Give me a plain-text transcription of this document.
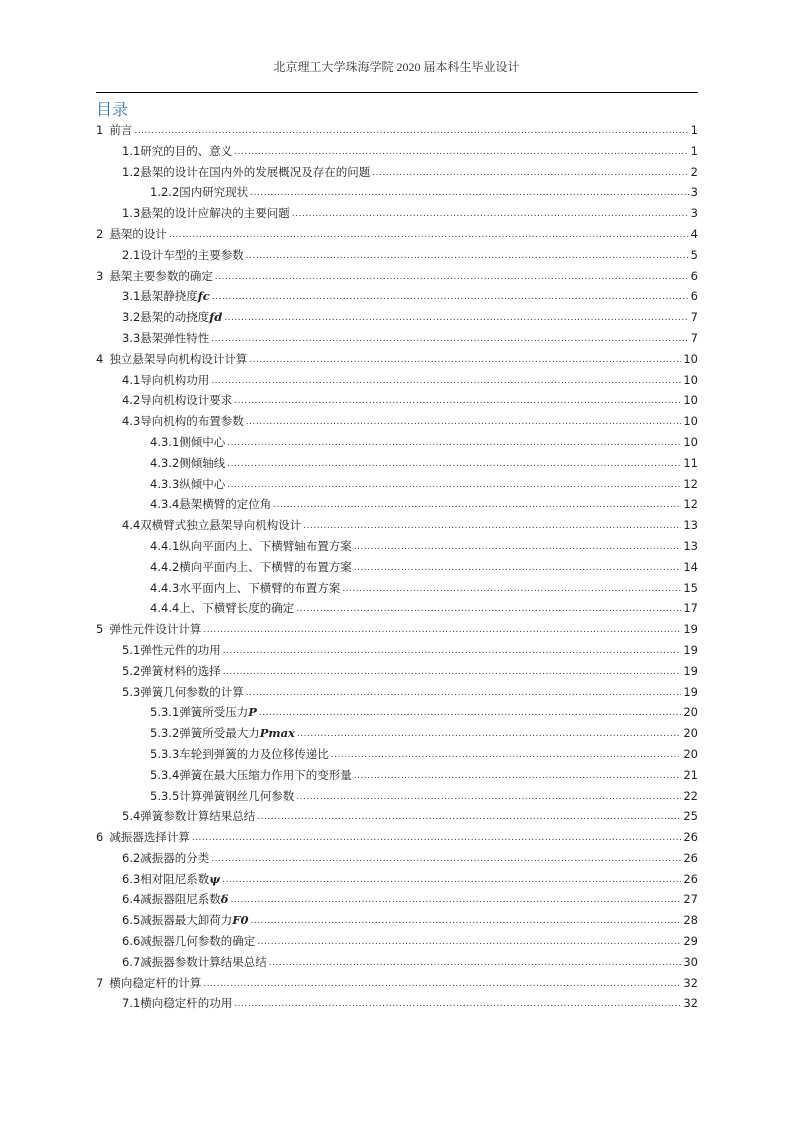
北京理工大学珠海学院 2020 届本科生毕业设计
目录
1 前言 .....	1
1.1 研究的目的、意义 .....	1
1.2 悬架的设计在国内外的发展概况及存在的问题 .....	2
1.2.2 国内研究现状 .....	3
1.3 悬架的设计应解决的主要问题 .....	3
2 悬架的设计 .....	4
2.1 设计车型的主要参数 .....	5
3 悬架主要参数的确定 .....	6
3.1 悬架静挠度 fc .....	6
3.2 悬架的动挠度 fd .....	7
3.3 悬架弹性特性 .....	7
4 独立悬架导向机构设计计算 .....	10
4.1 导向机构功用 .....	10
4.2 导向机构设计要求 .....	10
4.3 导向机构的布置参数 .....	10
4.3.1 侧倾中心 .....	10
4.3.2 侧倾轴线 .....	11
4.3.3 纵倾中心 .....	12
4.3.4 悬架横臂的定位角 .....	12
4.4 双横臂式独立悬架导向机构设计 .....	13
4.4.1 纵向平面内上、下横臂轴布置方案 .....	13
4.4.2 横向平面内上、下横臂的布置方案 .....	14
4.4.3 水平面内上、下横臂的布置方案 .....	15
4.4.4 上、下横臂长度的确定 .....	17
5 弹性元件设计计算 .....	19
5.1 弹性元件的功用 .....	19
5.2 弹簧材料的选择 .....	19
5.3 弹簧几何参数的计算 .....	19
5.3.1 弹簧所受压力 P .....	20
5.3.2 弹簧所受最大力 Pmax .....	20
5.3.3 车轮到弹簧的力及位移传递比 .....	20
5.3.4 弹簧在最大压缩力作用下的变形量 .....	21
5.3.5 计算弹簧钢丝几何参数 .....	22
5.4 弹簧参数计算结果总结 .....	25
6 减振器选择计算 .....	26
6.2 减振器的分类 .....	26
6.3 相对阻尼系数 ψ .....	26
6.4 减振器阻尼系数 δ .....	27
6.5 减振器最大卸荷力 F0 .....	28
6.6 减振器几何参数的确定 .....	29
6.7 减振器参数计算结果总结 .....	30
7 横向稳定杆的计算 .....	32
7.1 横向稳定杆的功用 .....	32
